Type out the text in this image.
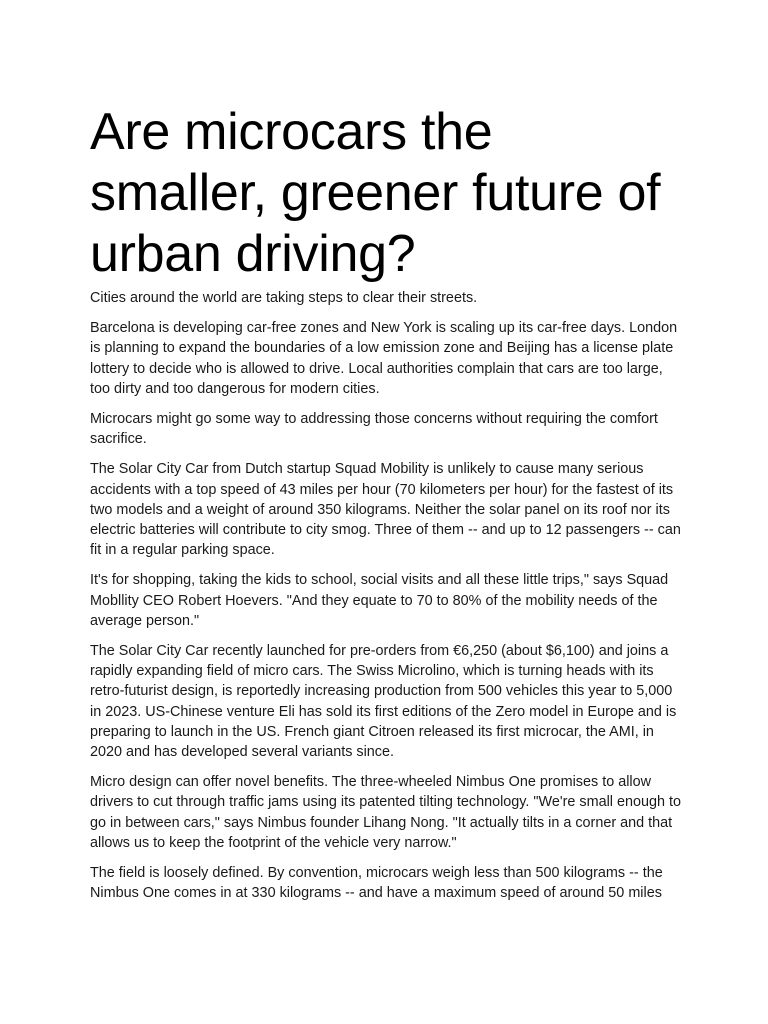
Are microcars the smaller, greener future of urban driving?

Cities around the world are taking steps to clear their streets.

Barcelona is developing car-free zones and New York is scaling up its car-free days. London is planning to expand the boundaries of a low emission zone and Beijing has a license plate lottery to decide who is allowed to drive. Local authorities complain that cars are too large, too dirty and too dangerous for modern cities.

Microcars might go some way to addressing those concerns without requiring the comfort sacrifice.

The Solar City Car from Dutch startup Squad Mobility is unlikely to cause many serious accidents with a top speed of 43 miles per hour (70 kilometers per hour) for the fastest of its two models and a weight of around 350 kilograms. Neither the solar panel on its roof nor its electric batteries will contribute to city smog. Three of them -- and up to 12 passengers -- can fit in a regular parking space.

It's for shopping, taking the kids to school, social visits and all these little trips," says Squad Mobllity CEO Robert Hoevers. "And they equate to 70 to 80% of the mobility needs of the average person."

The Solar City Car recently launched for pre-orders from €6,250 (about $6,100) and joins a rapidly expanding field of micro cars. The Swiss Microlino, which is turning heads with its retro-futurist design, is reportedly increasing production from 500 vehicles this year to 5,000 in 2023. US-Chinese venture Eli has sold its first editions of the Zero model in Europe and is preparing to launch in the US. French giant Citroen released its first microcar, the AMI, in 2020 and has developed several variants since.

Micro design can offer novel benefits. The three-wheeled Nimbus One promises to allow drivers to cut through traffic jams using its patented tilting technology. "We're small enough to go in between cars," says Nimbus founder Lihang Nong. "It actually tilts in a corner and that allows us to keep the footprint of the vehicle very narrow."

The field is loosely defined. By convention, microcars weigh less than 500 kilograms -- the Nimbus One comes in at 330 kilograms -- and have a maximum speed of around 50 miles
